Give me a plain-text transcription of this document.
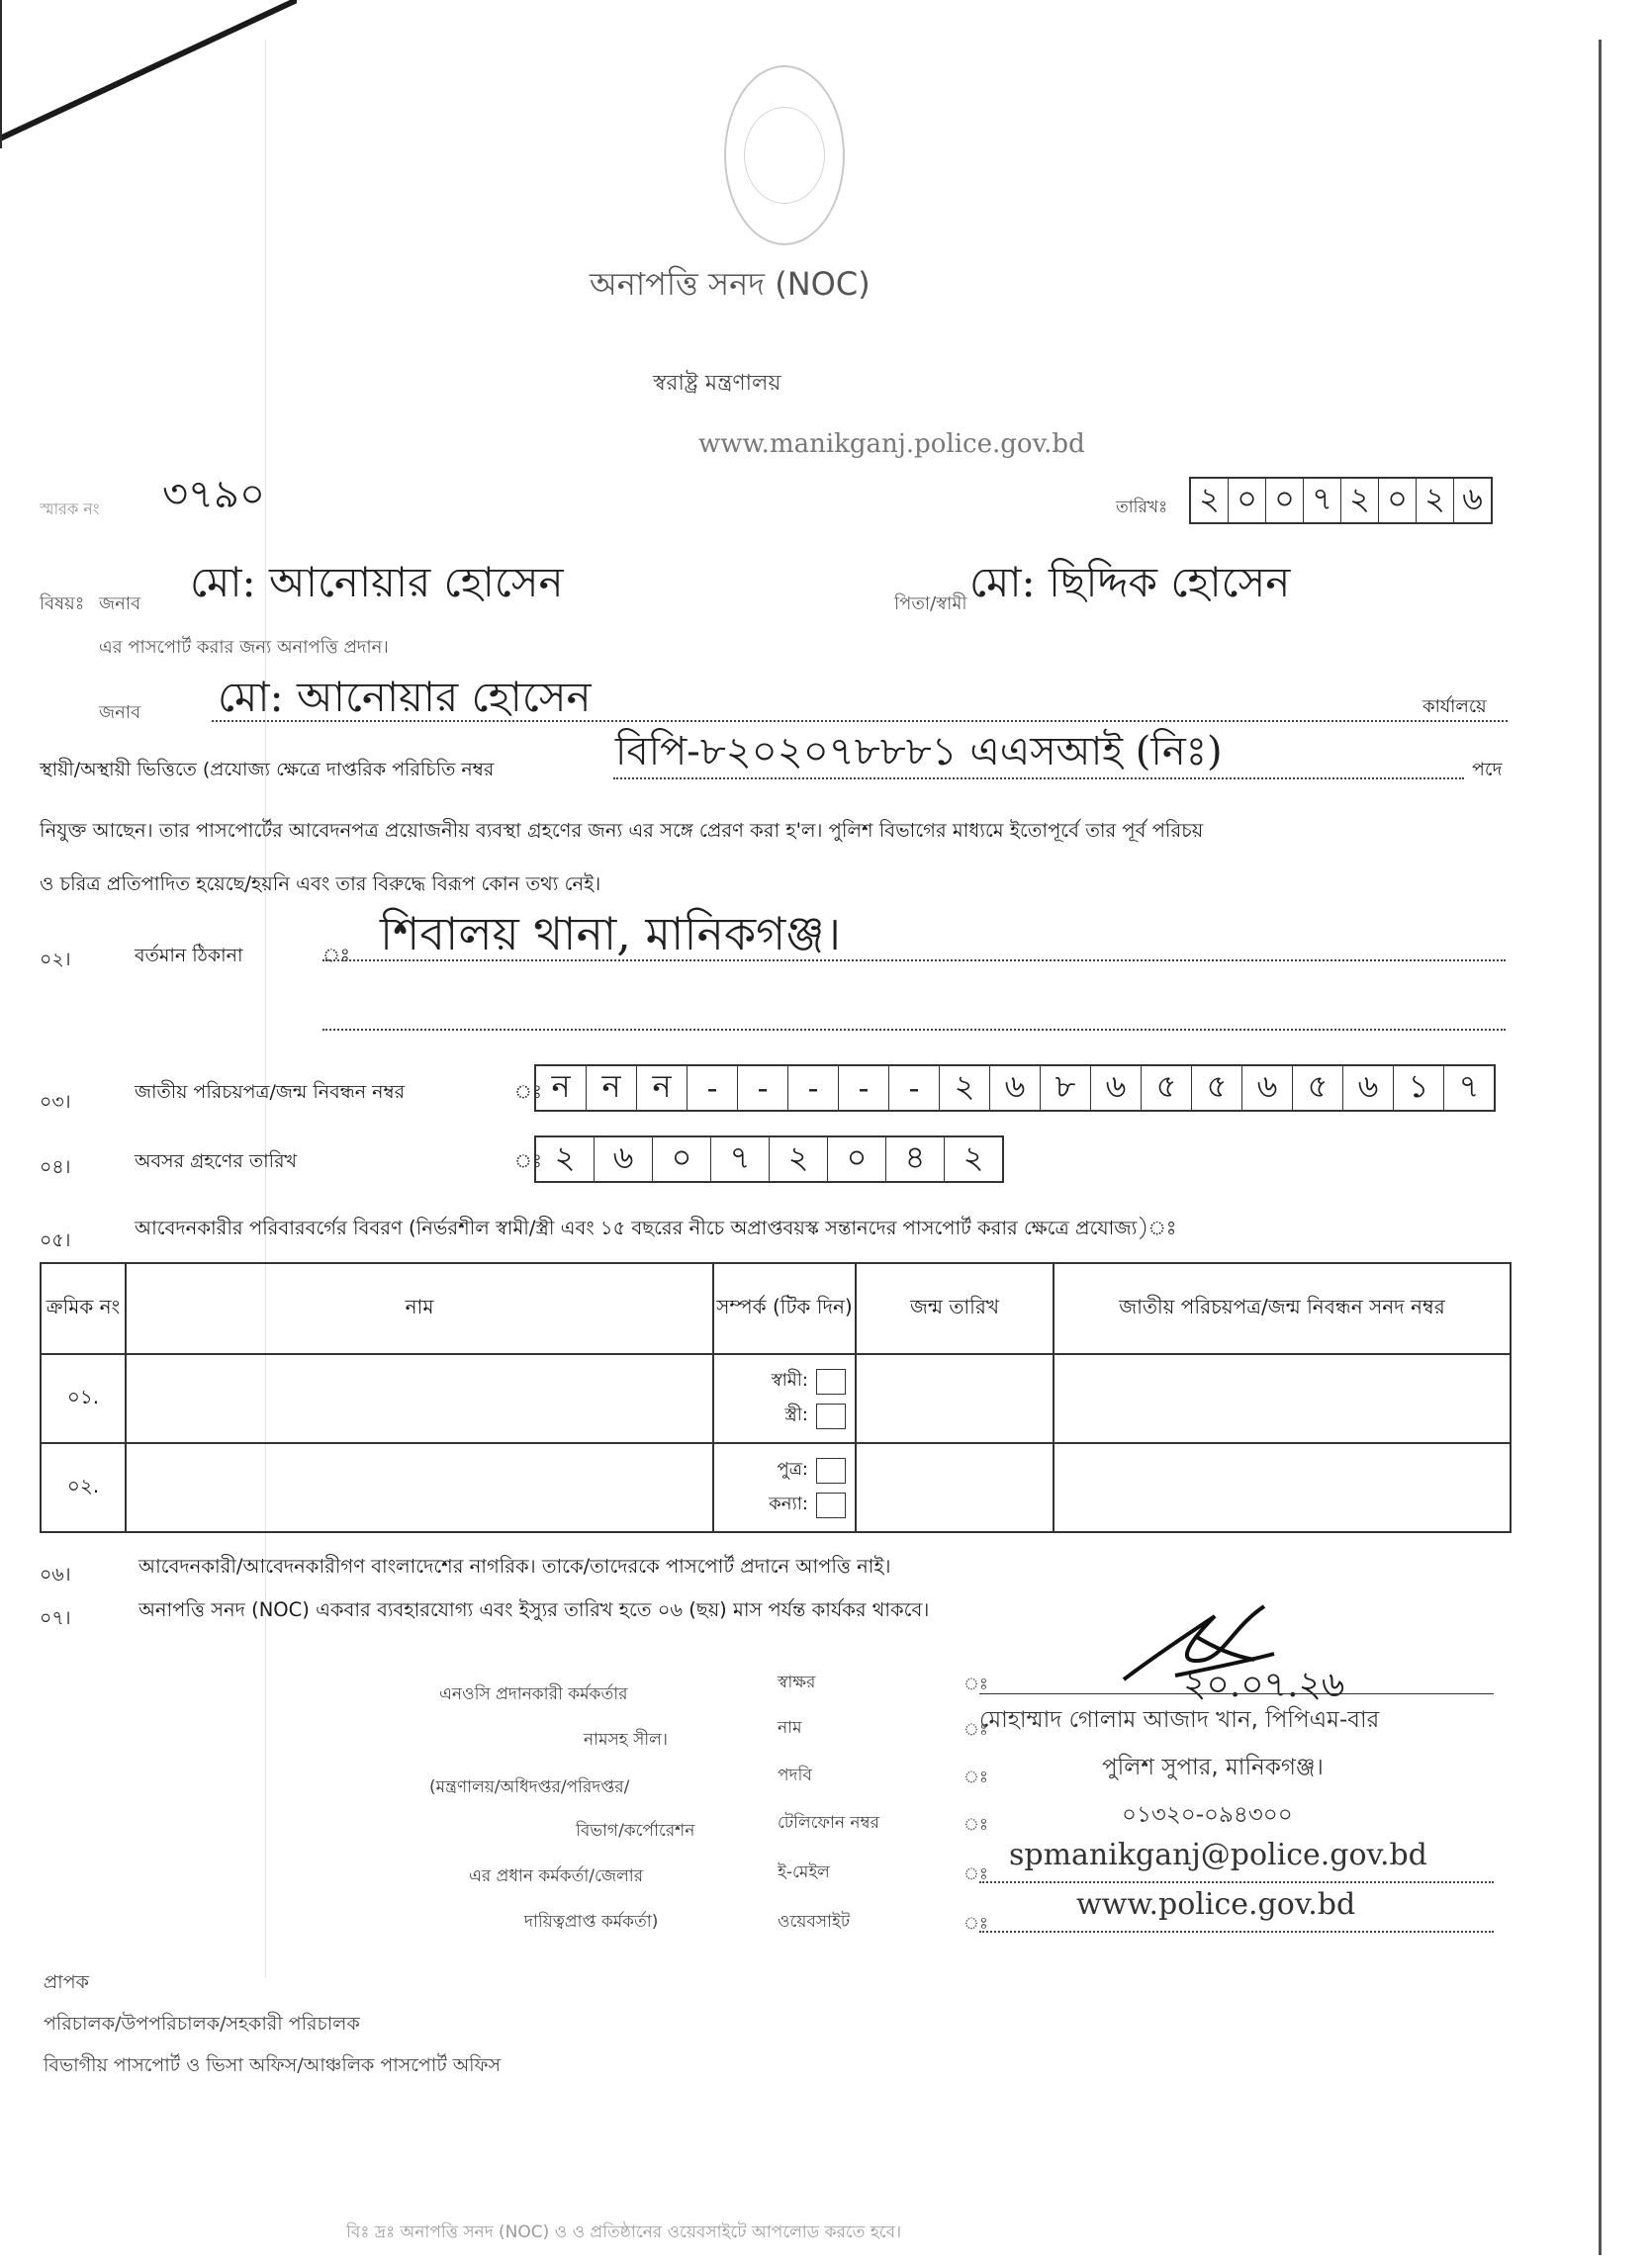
অনাপত্তি সনদ (NOC)
স্বরাষ্ট্র মন্ত্রণালয়
www.manikganj.police.gov.bd
স্মারক নং ৩৭৯০	তারিখঃ ২ ০ ০ ৭ ২ ০ ২ ৬
বিষয়ঃ জনাব মো: আনোয়ার হোসেন	পিতা/স্বামী মো: ছিদ্দিক হোসেন
এর পাসপোর্ট করার জন্য অনাপত্তি প্রদান।
জনাব মো: আনোয়ার হোসেন	কার্যালয়ে
স্থায়ী/অস্থায়ী ভিত্তিতে (প্রযোজ্য ক্ষেত্রে দাপ্তরিক পরিচিতি নম্বর	বিপি-৮২০২০৭৮৮৮১ এএসআই (নিঃ)	পদে
নিযুক্ত আছেন। তার পাসপোর্টের আবেদনপত্র প্রয়োজনীয় ব্যবস্থা গ্রহণের জন্য এর সঙ্গে প্রেরণ করা হ'ল। পুলিশ বিভাগের মাধ্যমে ইতোপূর্বে তার পূর্ব পরিচয়
ও চরিত্র প্রতিপাদিত হয়েছে/হয়নি এবং তার বিরুদ্ধে বিরূপ কোন তথ্য নেই।
০২।	বর্তমান ঠিকানা	ঃ শিবালয় থানা, মানিকগঞ্জ।
০৩।	জাতীয় পরিচয়পত্র/জন্ম নিবন্ধন নম্বর	ঃ ন ন ন	-	-	-	-	-	২ ৬ ৮ ৬ ৫ ৫ ৬ ৫ ৬ ১ ৭
০৪।	অবসর গ্রহণের তারিখ	ঃ ২	৬	০	৭	২	০	৪	২
০৫।
আবেদনকারীর পরিবারবর্গের বিবরণ (নির্ভরশীল স্বামী/স্ত্রী এবং ১৫ বছরের নীচে অপ্রাপ্তবয়স্ক সন্তানদের পাসপোর্ট করার ক্ষেত্রে প্রযোজ্য)ঃ
ক্রমিক নং	নাম	সম্পর্ক (টিক দিন)	জন্ম তারিখ	জাতীয় পরিচয়পত্র/জন্ম নিবন্ধন সনদ নম্বর
০১.		স্বামী:
স্ত্রী:		

০২.		পুত্র:
কন্যা:		

০৬।	আবেদনকারী/আবেদনকারীগণ বাংলাদেশের নাগরিক। তাকে/তাদেরকে পাসপোর্ট প্রদানে আপত্তি নাই।
০৭।	অনাপত্তি সনদ (NOC) একবার ব্যবহারযোগ্য এবং ইস্যুর তারিখ হতে ০৬ (ছয়) মাস পর্যন্ত কার্যকর থাকবে।
এনওসি প্রদানকারী কর্মকর্তার
নামসহ সীল।
(মন্ত্রণালয়/অধিদপ্তর/পরিদপ্তর/
বিভাগ/কর্পোরেশন
এর প্রধান কর্মকর্তা/জেলার
দায়িত্বপ্রাপ্ত কর্মকর্তা)
স্বাক্ষর	ঃ	২০.০৭.২৬
নাম	ঃ
মোহাম্মাদ গোলাম আজাদ খান, পিপিএম-বার
পদবি	ঃ	পুলিশ সুপার, মানিকগঞ্জ।
টেলিফোন নম্বর	ঃ	০১৩২০-০৯৪৩০০
ই-মেইল	ঃ
spmanikganj@police.gov.bd
ওয়েবসাইট	ঃ
www.police.gov.bd
প্রাপক
পরিচালক/উপপরিচালক/সহকারী পরিচালক
বিভাগীয় পাসপোর্ট ও ভিসা অফিস/আঞ্চলিক পাসপোর্ট অফিস
বিঃ দ্রঃ অনাপত্তি সনদ (NOC) ও ও প্রতিষ্ঠানের ওয়েবসাইটে আপলোড করতে হবে।
